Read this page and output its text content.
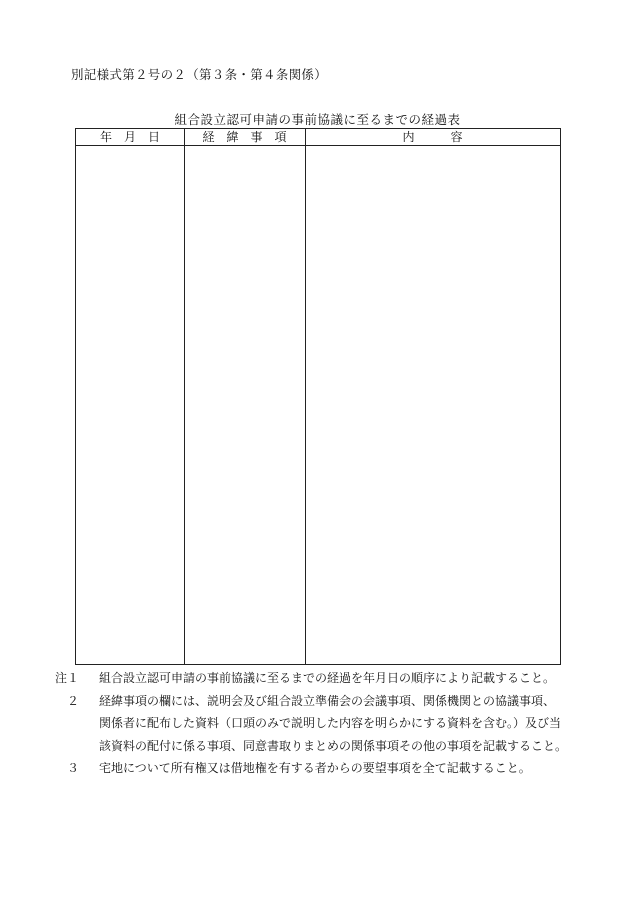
別記様式第２号の２（第３条・第４条関係）
組合設立認可申請の事前協議に至るまでの経過表
年　月　日	経　緯　事　項	内　　　容
注１ 組合設立認可申請の事前協議に至るまでの経過を年月日の順序により記載すること。
　２ 経緯事項の欄には、説明会及び組合設立準備会の会議事項、関係機関との協議事項、
関係者に配布した資料（口頭のみで説明した内容を明らかにする資料を含む。）及び当
該資料の配付に係る事項、同意書取りまとめの関係事項その他の事項を記載すること。
　３ 宅地について所有権又は借地権を有する者からの要望事項を全て記載すること。
